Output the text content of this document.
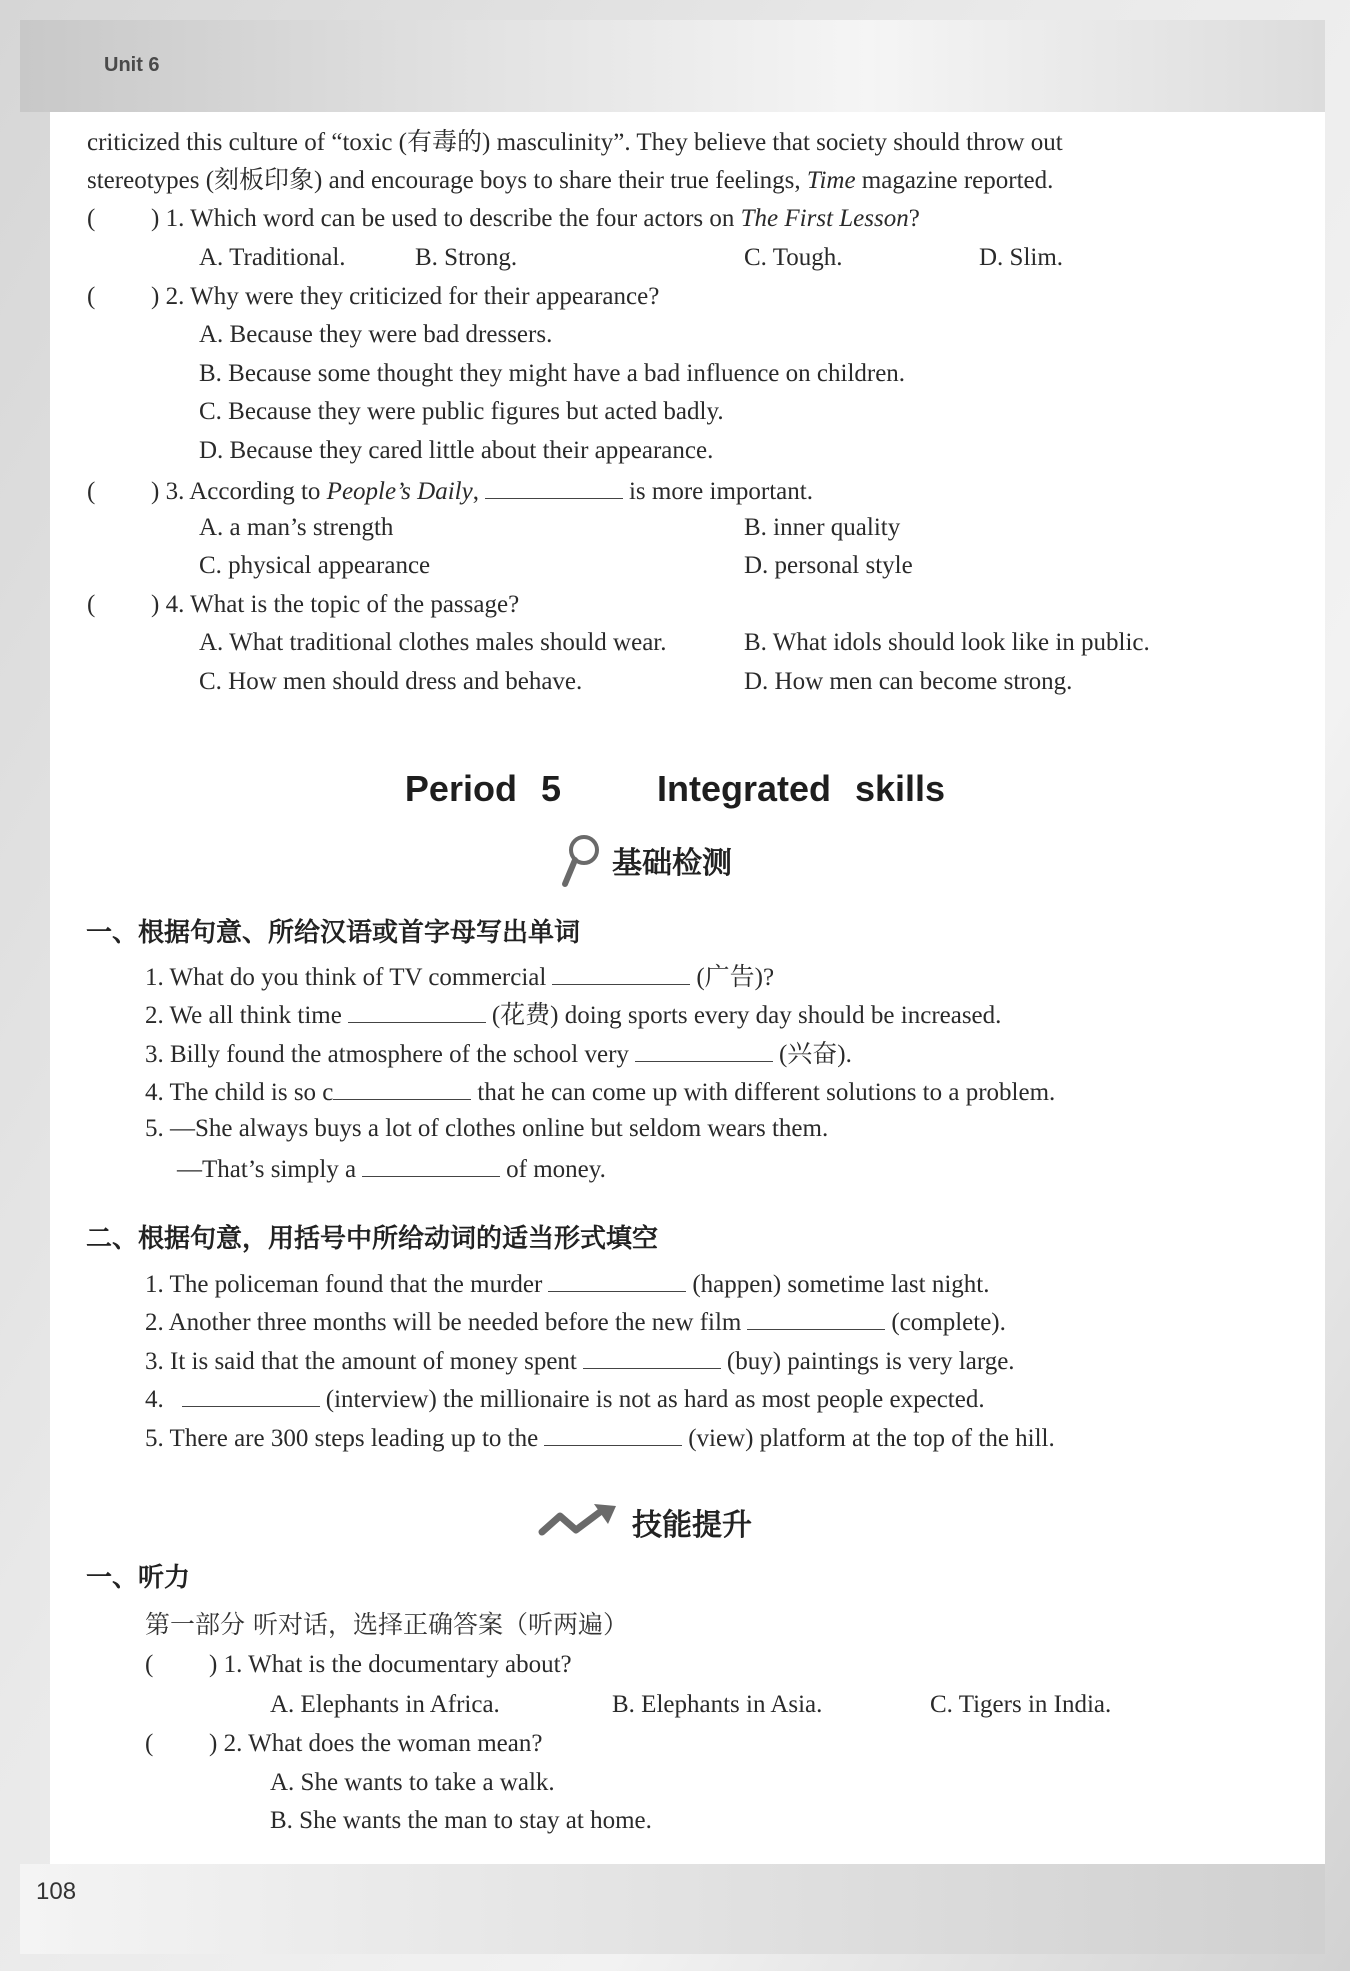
Unit 6
criticized this culture of “toxic (有毒的) masculinity”. They believe that society should throw out
stereotypes (刻板印象) and encourage boys to share their true feelings, Time magazine reported.
( ) 1. Which word can be used to describe the four actors on The First Lesson?
A. Traditional.	B. Strong.	C. Tough.	D. Slim.
( ) 2. Why were they criticized for their appearance?
A. Because they were bad dressers.
B. Because some thought they might have a bad influence on children.
C. Because they were public figures but acted badly.
D. Because they cared little about their appearance.
( ) 3. According to People’s Daily,	is more important.
A. a man’s strength	B. inner quality
C. physical appearance	D. personal style
( ) 4. What is the topic of the passage?
A. What traditional clothes males should wear.	B. What idols should look like in public.
C. How men should dress and behave.	D. How men can become strong.
Period 5    Integrated skills
基础检测
一、根据句意、所给汉语或首字母写出单词
1. What do you think of TV commercial	(广告)?
2. We all think time	(花费) doing sports every day should be increased.
3. Billy found the atmosphere of the school very	(兴奋).
4. The child is so c	that he can come up with different solutions to a problem.
5. —She always buys a lot of clothes online but seldom wears them.
—That’s simply a	of money.
二、根据句意，用括号中所给动词的适当形式填空
1. The policeman found that the murder	(happen) sometime last night.
2. Another three months will be needed before the new film	(complete).
3. It is said that the amount of money spent	(buy) paintings is very large.
4.	(interview) the millionaire is not as hard as most people expected.
5. There are 300 steps leading up to the	(view) platform at the top of the hill.
技能提升
一、听力
第一部分 听对话，选择正确答案（听两遍）
( ) 1. What is the documentary about?
A. Elephants in Africa.	B. Elephants in Asia.	C. Tigers in India.
( ) 2. What does the woman mean?
A. She wants to take a walk.
B. She wants the man to stay at home.
108
